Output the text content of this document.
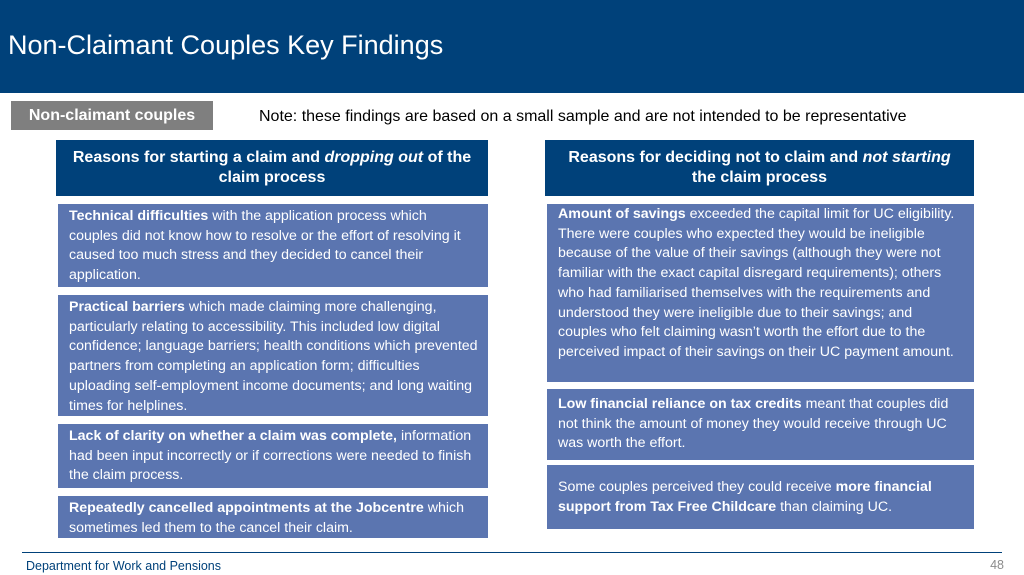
Non-Claimant Couples Key Findings
Non-claimant couples	Note: these findings are based on a small sample and are not intended to be representative
Reasons for starting a claim and dropping out of the claim process
Technical difficulties with the application process which couples did not know how to resolve or the effort of resolving it caused too much stress and they decided to cancel their application.
Practical barriers which made claiming more challenging, particularly relating to accessibility. This included low digital confidence; language barriers; health conditions which prevented partners from completing an application form; difficulties uploading self-employment income documents; and long waiting times for helplines.
Lack of clarity on whether a claim was complete, information had been input incorrectly or if corrections were needed to finish the claim process.
Repeatedly cancelled appointments at the Jobcentre which sometimes led them to the cancel their claim.
Reasons for deciding not to claim and not starting the claim process
Amount of savings exceeded the capital limit for UC eligibility. There were couples who expected they would be ineligible because of the value of their savings (although they were not familiar with the exact capital disregard requirements); others who had familiarised themselves with the requirements and understood they were ineligible due to their savings; and couples who felt claiming wasn’t worth the effort due to the perceived impact of their savings on their UC payment amount.
Low financial reliance on tax credits meant that couples did not think the amount of money they would receive through UC was worth the effort.
Some couples perceived they could receive more financial support from Tax Free Childcare than claiming UC.
Department for Work and Pensions	48
